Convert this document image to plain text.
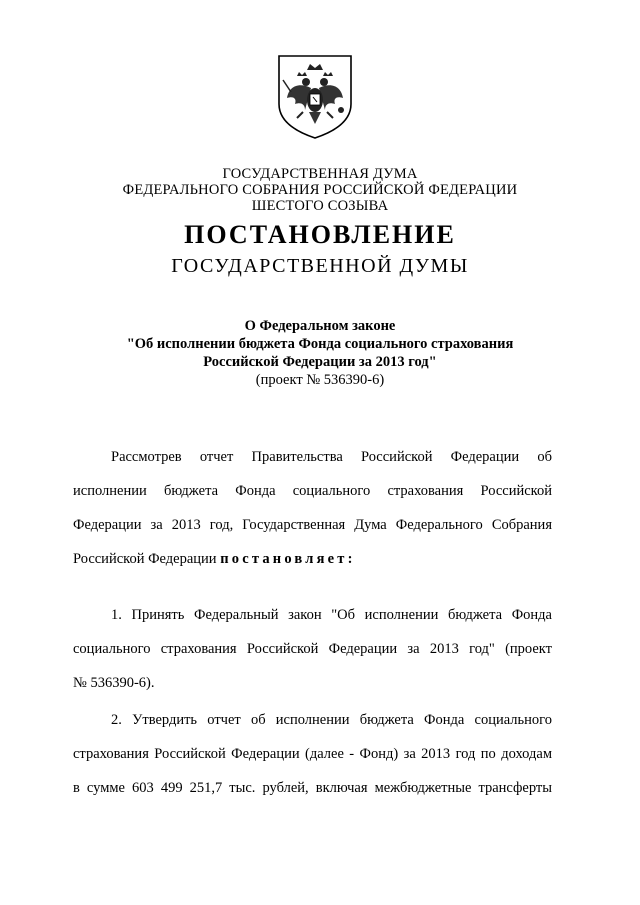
ГОСУДАРСТВЕННАЯ ДУМА
ФЕДЕРАЛЬНОГО СОБРАНИЯ РОССИЙСКОЙ ФЕДЕРАЦИИ
ШЕСТОГО СОЗЫВА
ПОСТАНОВЛЕНИЕ
ГОСУДАРСТВЕННОЙ ДУМЫ
О Федеральном законе
"Об исполнении бюджета Фонда социального страхования
Российской Федерации за 2013 год"
(проект № 536390-6)
Рассмотрев отчет Правительства Российской Федерации об
исполнении бюджета Фонда социального страхования Российской
Федерации за 2013 год, Государственная Дума Федерального Собрания
Российской Федерации постановляет:
1. Принять Федеральный закон "Об исполнении бюджета Фонда
социального страхования Российской Федерации за 2013 год" (проект
№ 536390-6).
2. Утвердить отчет об исполнении бюджета Фонда социального
страхования Российской Федерации (далее - Фонд) за 2013 год по доходам
в сумме 603 499 251,7 тыс. рублей, включая межбюджетные трансферты
